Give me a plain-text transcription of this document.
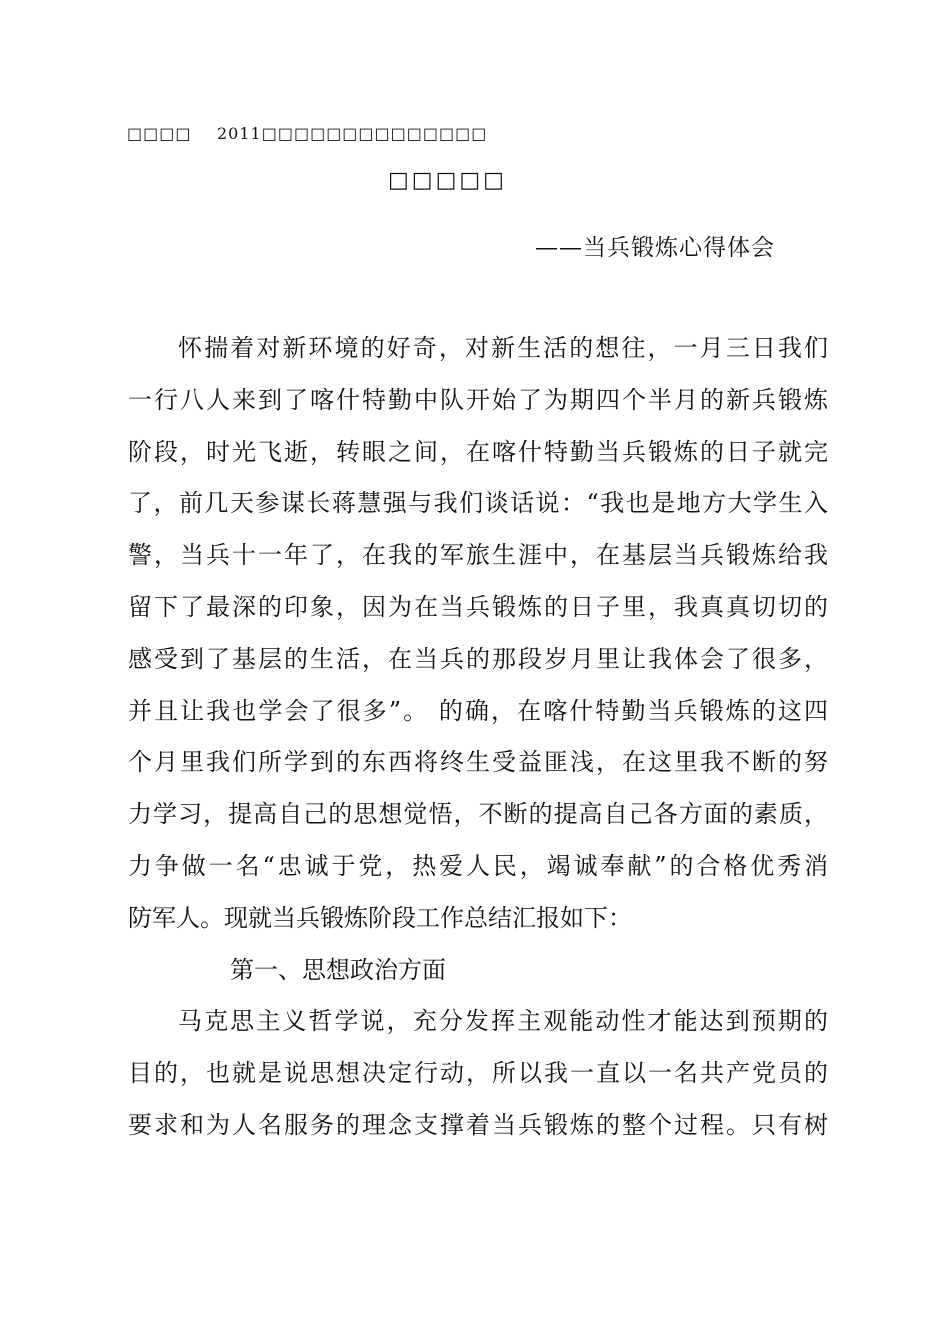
□□□□ 2011□□□□□□□□□□□□□□
□□□□□
——当兵锻炼心得体会
怀揣着对新环境的好奇，对新生活的想往，一月三日我们
一行八人来到了喀什特勤中队开始了为期四个半月的新兵锻炼
阶段，时光飞逝，转眼之间，在喀什特勤当兵锻炼的日子就完
了，前几天参谋长蒋慧强与我们谈话说：“我也是地方大学生入
警，当兵十一年了，在我的军旅生涯中，在基层当兵锻炼给我
留下了最深的印象，因为在当兵锻炼的日子里，我真真切切的
感受到了基层的生活，在当兵的那段岁月里让我体会了很多，
并且让我也学会了很多”。 的确，在喀什特勤当兵锻炼的这四
个月里我们所学到的东西将终生受益匪浅，在这里我不断的努
力学习，提高自己的思想觉悟，不断的提高自己各方面的素质，
力争做一名“忠诚于党，热爱人民，竭诚奉献”的合格优秀消
防军人。现就当兵锻炼阶段工作总结汇报如下：
第一、思想政治方面
马克思主义哲学说，充分发挥主观能动性才能达到预期的
目的，也就是说思想决定行动，所以我一直以一名共产党员的
要求和为人名服务的理念支撑着当兵锻炼的整个过程。只有树
